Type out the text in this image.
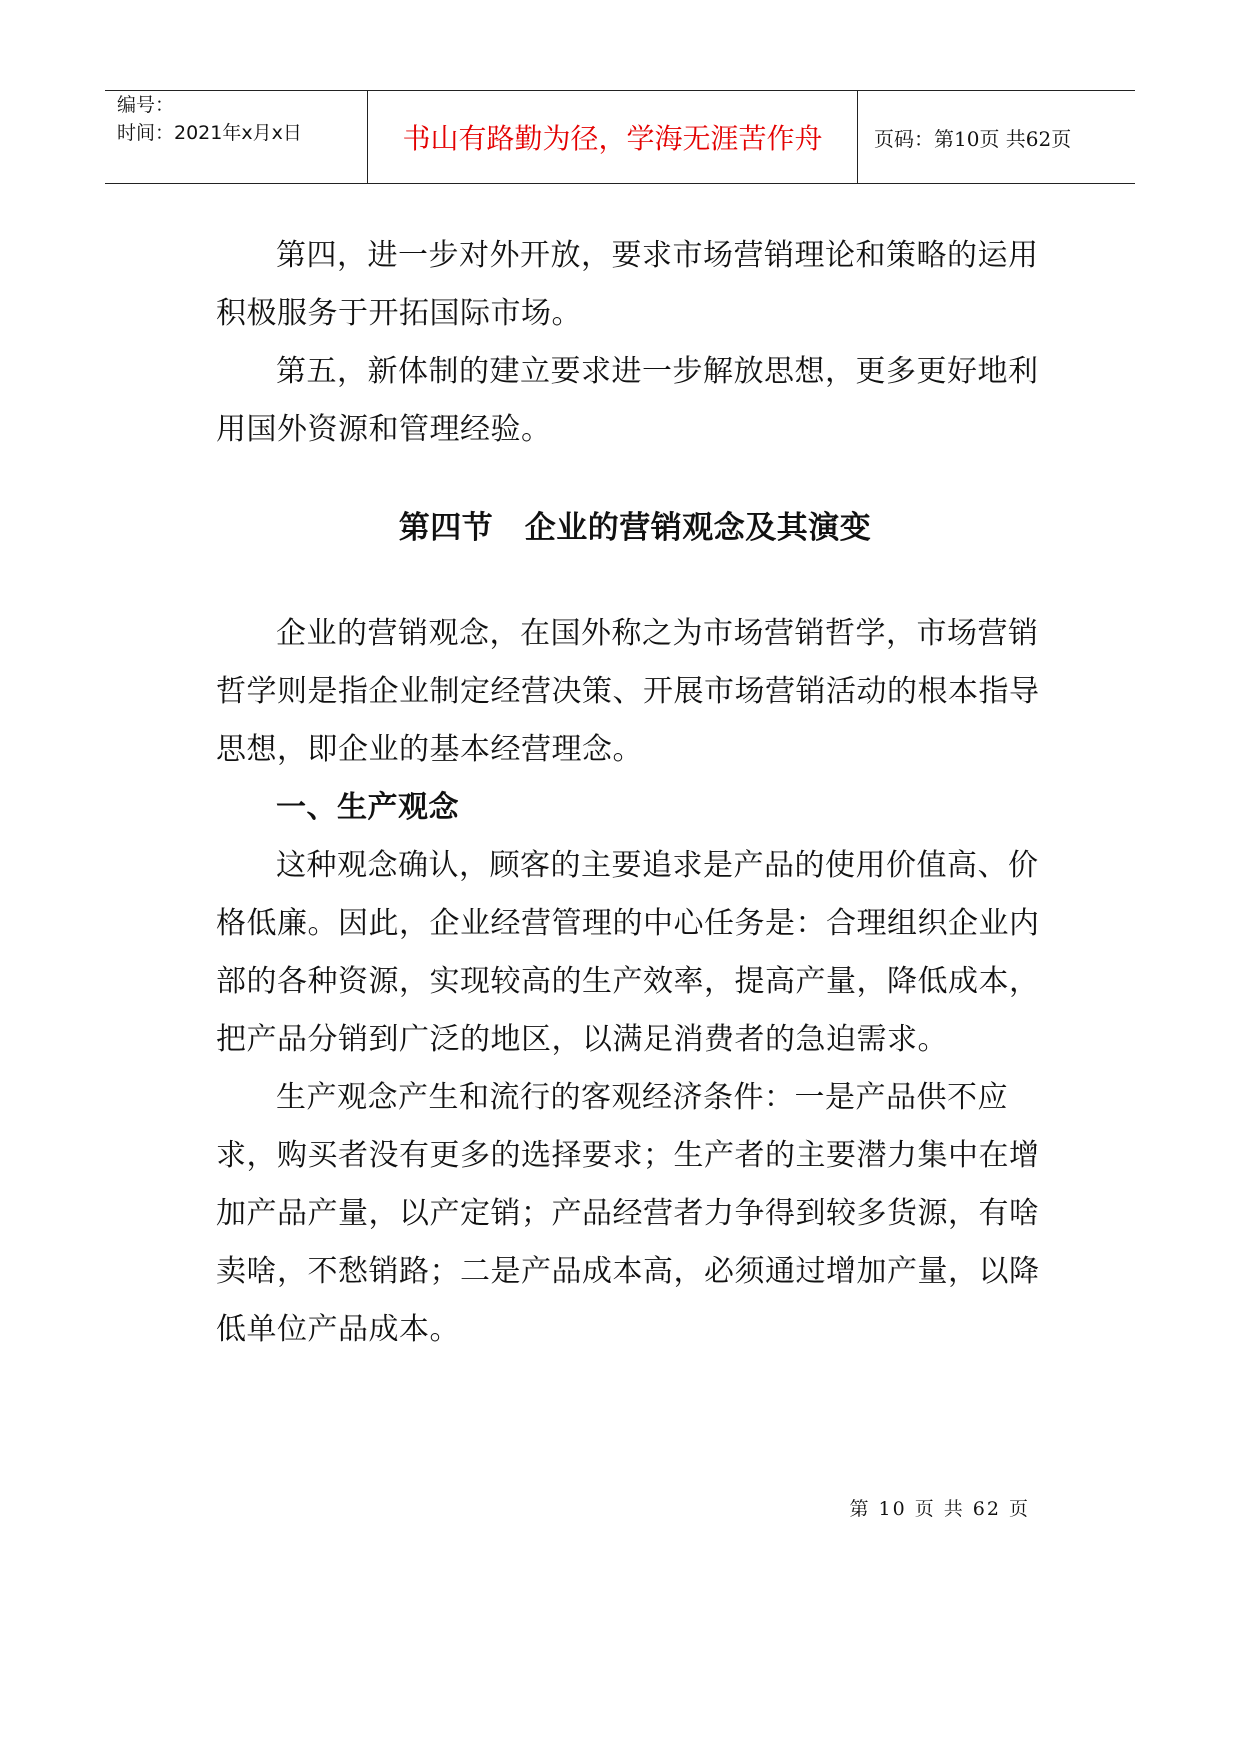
编号：
时间：2021年x月x日	书山有路勤为径，学海无涯苦作舟	页码：第10页 共62页

第四，进一步对外开放，要求市场营销理论和策略的运用积极服务于开拓国际市场。

第五，新体制的建立要求进一步解放思想，更多更好地利用国外资源和管理经验。

第四节　企业的营销观念及其演变

企业的营销观念，在国外称之为市场营销哲学，市场营销哲学则是指企业制定经营决策、开展市场营销活动的根本指导思想，即企业的基本经营理念。

一、生产观念

这种观念确认，顾客的主要追求是产品的使用价值高、价格低廉。因此，企业经营管理的中心任务是：合理组织企业内部的各种资源，实现较高的生产效率，提高产量，降低成本，把产品分销到广泛的地区，以满足消费者的急迫需求。

生产观念产生和流行的客观经济条件：一是产品供不应求，购买者没有更多的选择要求；生产者的主要潜力集中在增加产品产量，以产定销；产品经营者力争得到较多货源，有啥卖啥，不愁销路；二是产品成本高，必须通过增加产量，以降低单位产品成本。

第 10 页 共 62 页
